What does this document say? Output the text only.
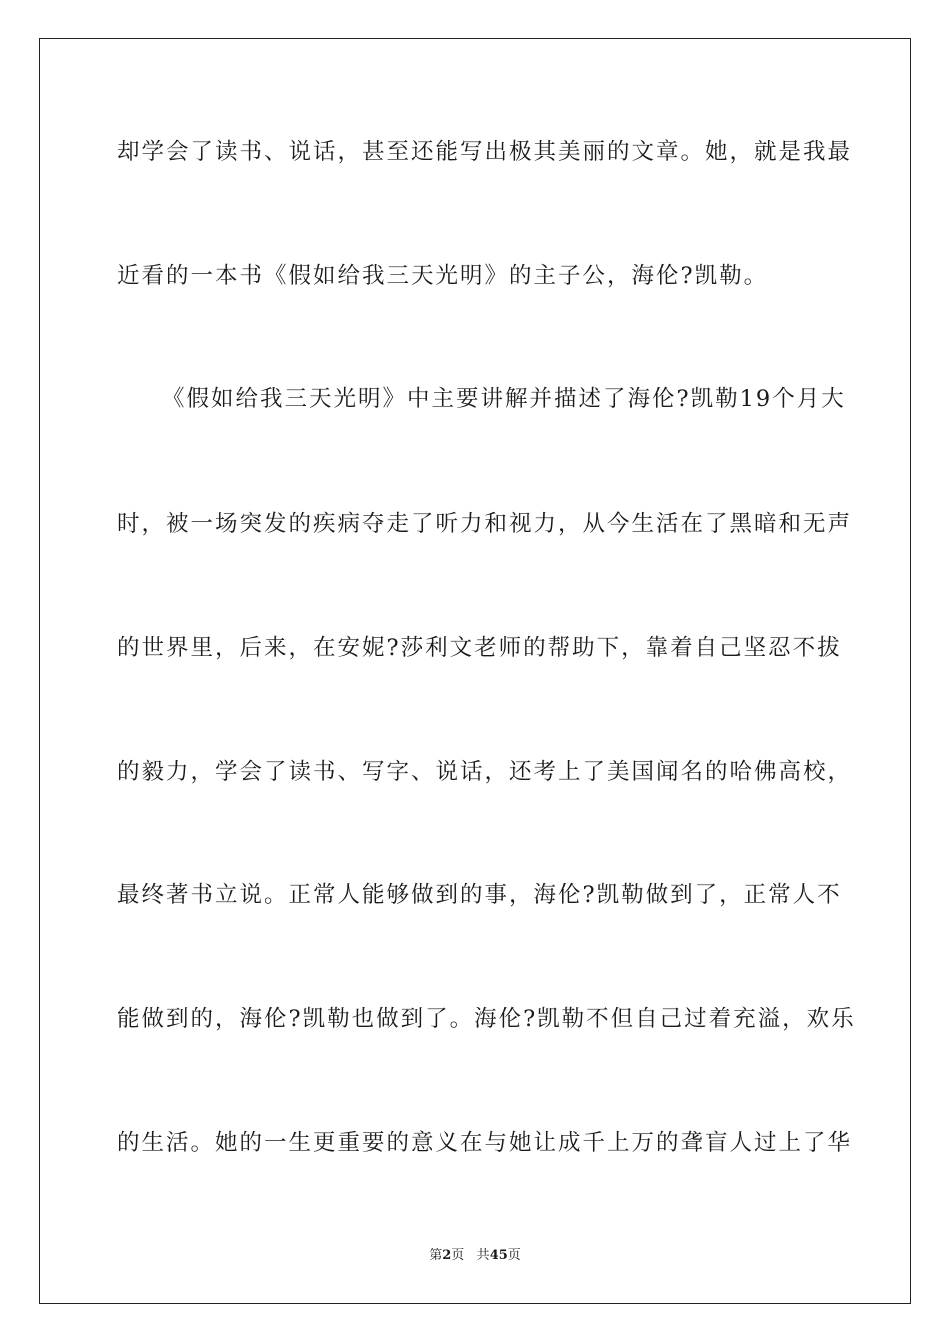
却学会了读书、说话，甚至还能写出极其美丽的文章。她，就是我最
近看的一本书《假如给我三天光明》的主子公，海伦?凯勒。
《假如给我三天光明》中主要讲解并描述了海伦?凯勒19个月大
时，被一场突发的疾病夺走了听力和视力，从今生活在了黑暗和无声
的世界里，后来，在安妮?莎利文老师的帮助下，靠着自己坚忍不拔
的毅力，学会了读书、写字、说话，还考上了美国闻名的哈佛高校，
最终著书立说。正常人能够做到的事，海伦?凯勒做到了，正常人不
能做到的，海伦?凯勒也做到了。海伦?凯勒不但自己过着充溢，欢乐
的生活。她的一生更重要的意义在与她让成千上万的聋盲人过上了华
第2页 共45页
